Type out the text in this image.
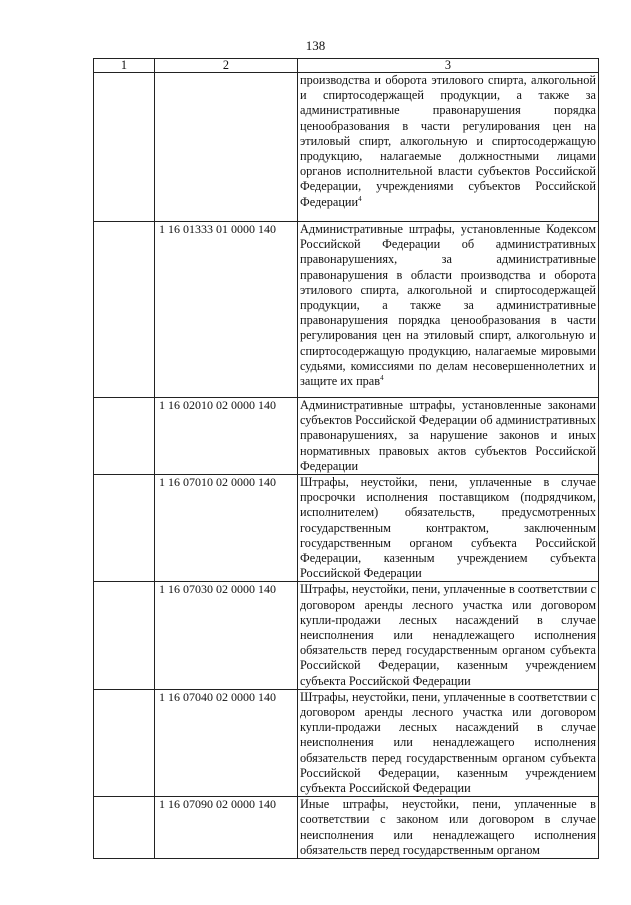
138
1	2	3
		производства и оборота этилового спирта, алкогольной и спиртосодержащей продукции, а также за административные правонарушения порядка ценообразования в части регулирования цен на этиловый спирт, алкогольную и спиртосодержащую продукцию, налагаемые должностными лицами органов исполнительной власти субъектов Российской Федерации, учреждениями субъектов Российской Федерации$^4$
	1 16 01333 01 0000 140	Административные штрафы, установленные Кодексом Российской Федерации об административных правонарушениях, за административные правонарушения в области производства и оборота этилового спирта, алкогольной и спиртосодержащей продукции, а также за административные правонарушения порядка ценообразования в части регулирования цен на этиловый спирт, алкогольную и спиртосодержащую продукцию, налагаемые мировыми судьями, комиссиями по делам несовершеннолетних и защите их прав$^4$
	1 16 02010 02 0000 140	Административные штрафы, установленные законами субъектов Российской Федерации об административных правонарушениях, за нарушение законов и иных нормативных правовых актов субъектов Российской Федерации
	1 16 07010 02 0000 140	Штрафы, неустойки, пени, уплаченные в случае просрочки исполнения поставщиком (подрядчиком, исполнителем) обязательств, предусмотренных государственным контрактом, заключенным государственным органом субъекта Российской Федерации, казенным учреждением субъекта Российской Федерации
	1 16 07030 02 0000 140	Штрафы, неустойки, пени, уплаченные в соответствии с договором аренды лесного участка или договором купли-продажи лесных насаждений в случае неисполнения или ненадлежащего исполнения обязательств перед государственным органом субъекта Российской Федерации, казенным учреждением субъекта Российской Федерации
	1 16 07040 02 0000 140	Штрафы, неустойки, пени, уплаченные в соответствии с договором аренды лесного участка или договором купли-продажи лесных насаждений в случае неисполнения или ненадлежащего исполнения обязательств перед государственным органом субъекта Российской Федерации, казенным учреждением субъекта Российской Федерации
	1 16 07090 02 0000 140	Иные штрафы, неустойки, пени, уплаченные в соответствии с законом или договором в случае неисполнения или ненадлежащего исполнения обязательств перед государственным органом
